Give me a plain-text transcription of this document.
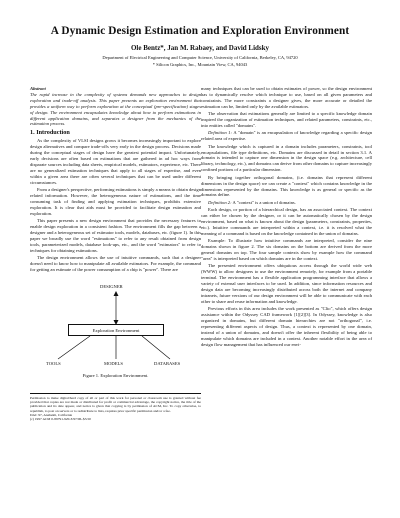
A Dynamic Design Estimation and Exploration Environment
Ole Bentz*, Jan M. Rabaey, and David Lidsky
Department of Electrical Engineering and Computer Science, University of California, Berkeley, CA, 94720
* Silicon Graphics, Inc., Mountain View, CA, 94043
Abstract
The rapid increase in the complexity of systems demands new approaches to design exploration and trade-off analysis. This paper presents an exploration environment that provides a uniform way to perform exploration at the conceptual (pre-specification) stages of design. The environment encapsulates knowledge about how to perform estimations in different application domains, and separates a designer from the mechanics of the estimation process.
1. Introduction
As the complexity of VLSI designs grows it becomes increasingly important to explore design alternatives and compare trade-offs very early in the design process. Decisions made during the conceptual stages of design have the greatest potential impact. Unfortunately, early decisions are often based on estimations that are gathered in ad hoc ways from disparate sources including data sheets, empirical models, estimators, experience, etc. There are no generalized estimation techniques that apply to all stages of expertise, and even within a given area there are often several techniques that can be used under different circumstances.
From a designer's perspective, performing estimations is simply a means to obtain design related information. However, the heterogeneous nature of estimations, and the time consuming task of finding and applying estimation techniques, prohibits extensive exploration. It is clear that aids must be provided to facilitate design estimation and exploration.
This paper presents a new design environment that provides the necessary features to enable design exploration in a consistent fashion. The environment fills the gap between a designer and a heterogeneous set of estimator tools, models, databases, etc. (figure 1). In this paper we broadly use the word "estimations" to refer to any result obtained from design tools, parameterized models, database look-ups, etc., and the word "estimators" to refer to techniques for obtaining estimations.
The design environment allows the use of intuitive commands, such that a designer doesn't need to know how to manipulate all available estimators. For example, the command for getting an estimate of the power consumption of a chip is "power". There are
DESIGNER
Exploration Environment
TOOLS	MODELS	DATABASES
Figure 1. Exploration Environment.
Permission to make digital/hard copy of all or part of this work for personal or classroom use is granted without fee provided that copies are not made or distributed for profit or commercial advantage, the copyright notice, the title of the publication and its date appear, and notice is given that copying is by permission of ACM, Inc. To copy otherwise, to republish, to post on servers or to redistribute to lists, requires prior specific permission and/or a fee.
DAC 97, Anaheim, California
(c) 1997 ACM 0-89791-920-3/97/06..$3.50
many techniques that can be used to obtain estimates of power, so the design environment has to dynamically resolve which technique to use, based on all given parameters and constraints. The more constraints a designer gives, the more accurate or detailed the estimation can be, limited only by the available estimators.
The observation that estimations generally are limited to a specific knowledge domain inspired the organization of estimation techniques, and related parameters, constraints, etc., into entities called "domains".
Definition 1: A "domain" is an encapsulation of knowledge regarding a specific design related area of expertise.
The knowledge which is captured in a domain includes parameters, constraints, tool encapsulations, file type definitions, etc. Domains are discussed in detail in section 3.1. A domain is intended to capture one dimension in the design space (e.g. architecture, cell library, technology, etc.), and domains can derive from other domains to capture increasingly confined portions of a particular dimension.
By bringing together orthogonal domains, (i.e. domains that represent different dimensions in the design space) we can create a "context" which contains knowledge in the dimensions represented by the domains. This knowledge is as general or specific as the domains define.
Definition 2: A "context" is a union of domains.
Each design, or portion of a hierarchical design, has an associated context. The context can either be chosen by the designer, or it can be automatically chosen by the design environment, based on what is known about the design (parameters, constraints, properties, etc.). Intuitive commands are interpreted within a context, i.e. it is resolved what the meaning of a command is based on the knowledge contained in the union of domains.
Example: To illustrate how intuitive commands are interpreted, consider the nine domains shown in figure 2. The six domains on the bottom are derived from the more general domains on top. The four sample contexts show by example how the command "area" is interpreted based on which domains are in the context.
The presented environment offers ubiquitous access through the world wide web (WWW) to allow designers to use the environment remotely, for example from a portable terminal. The environment has a flexible application programming interface that allows a variety of external user interfaces to be used. In addition, since information resources and design data are becoming increasingly distributed across both the internet and company intranets, future versions of our design environment will be able to communicate with each other to share and reuse information and knowledge.
Previous efforts in this area includes the work presented as "Clio", which offers design assistance within the Odyssey CAD framework [1][2][3]. In Odyssey, knowledge is also organized in domains, but different domain hierarchies are not "orthogonal", i.e. representing different aspects of design. Thus, a context is represented by one domain, instead of a union of domains, and doesn't offer the inherent flexibility of being able to manipulate which domains are included in a context. Another notable effort in the area of design flow management that has influenced our envi-
